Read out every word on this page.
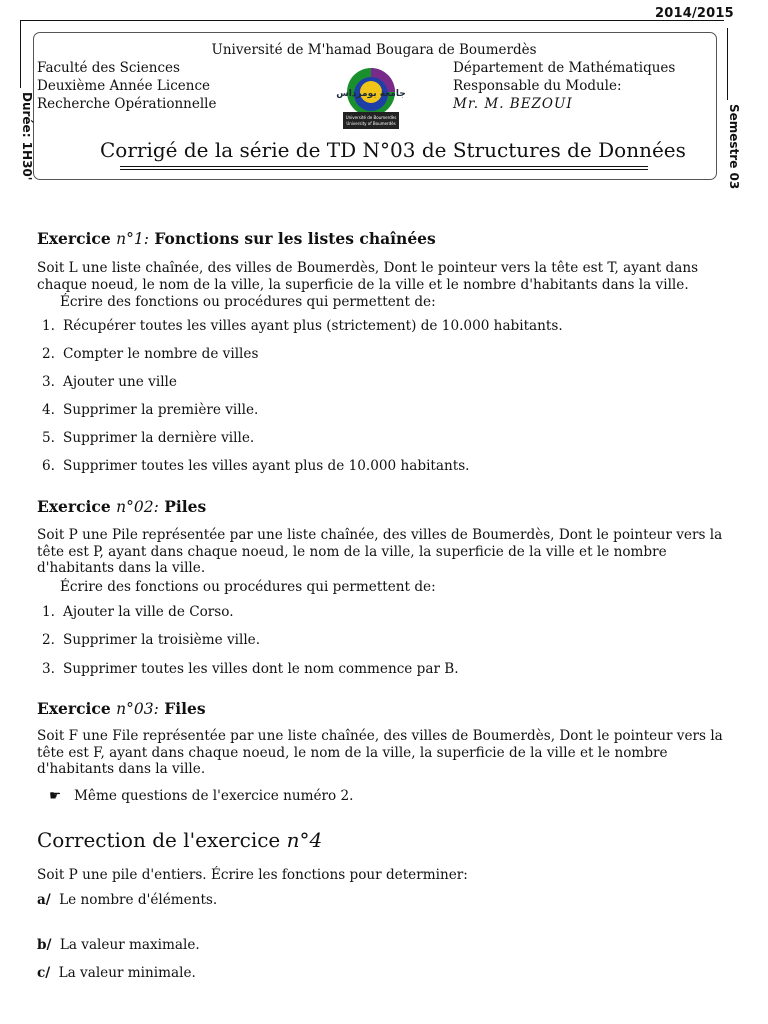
2014/2015
Durée: 1H30'	Semestre 03
Université de M'hamad Bougara de Boumerdès
Faculté des Sciences
Deuxième Année Licence
Recherche Opérationnelle
Département de Mathématiques
Responsable du Module:
Mr. M. BEZOUI
جامعة بومرداس
Université de Boumerdès
University of Boumerdès
Corrigé de la série de TD N°03 de Structures de Données
Exercice n°1: Fonctions sur les listes chaînées
Soit L une liste chaînée, des villes de Boumerdès, Dont le pointeur vers la tête est T, ayant dans chaque noeud, le nom de la ville, la superficie de la ville et le nombre d'habitants dans la ville.
Écrire des fonctions ou procédures qui permettent de:
1. Récupérer toutes les villes ayant plus (strictement) de 10.000 habitants.
2. Compter le nombre de villes
3. Ajouter une ville
4. Supprimer la première ville.
5. Supprimer la dernière ville.
6. Supprimer toutes les villes ayant plus de 10.000 habitants.
Exercice n°02: Piles
Soit P une Pile représentée par une liste chaînée, des villes de Boumerdès, Dont le pointeur vers la tête est P, ayant dans chaque noeud, le nom de la ville, la superficie de la ville et le nombre d'habitants dans la ville.
Écrire des fonctions ou procédures qui permettent de:
1. Ajouter la ville de Corso.
2. Supprimer la troisième ville.
3. Supprimer toutes les villes dont le nom commence par B.
Exercice n°03: Files
Soit F une File représentée par une liste chaînée, des villes de Boumerdès, Dont le pointeur vers la tête est F, ayant dans chaque noeud, le nom de la ville, la superficie de la ville et le nombre d'habitants dans la ville.
☛ Même questions de l'exercice numéro 2.
Correction de l'exercice n°4
Soit P une pile d'entiers. Écrire les fonctions pour determiner:
a/ Le nombre d'éléments.
b/ La valeur maximale.
c/ La valeur minimale.
